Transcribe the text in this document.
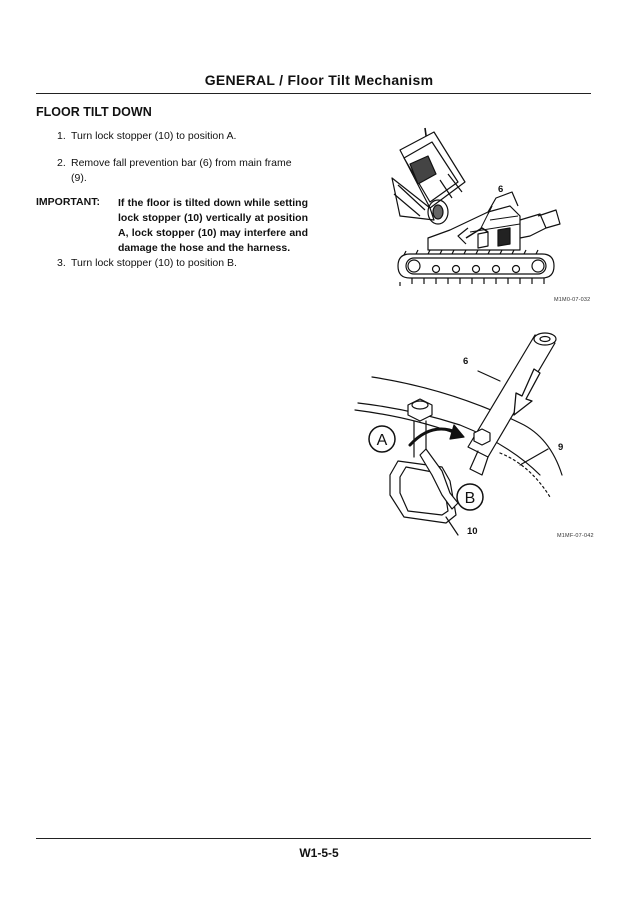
GENERAL / Floor Tilt Mechanism
FLOOR TILT DOWN
1. Turn lock stopper (10) to position A.
2. Remove fall prevention bar (6) from main frame
(9).
IMPORTANT: If the floor is tilted down while setting lock stopper (10) vertically at position A, lock stopper (10) may interfere and damage the hose and the harness.
3. Turn lock stopper (10) to position B.
6
M1M0-07-032
A
B
6
9
10	M1MF-07-042
W1-5-5
